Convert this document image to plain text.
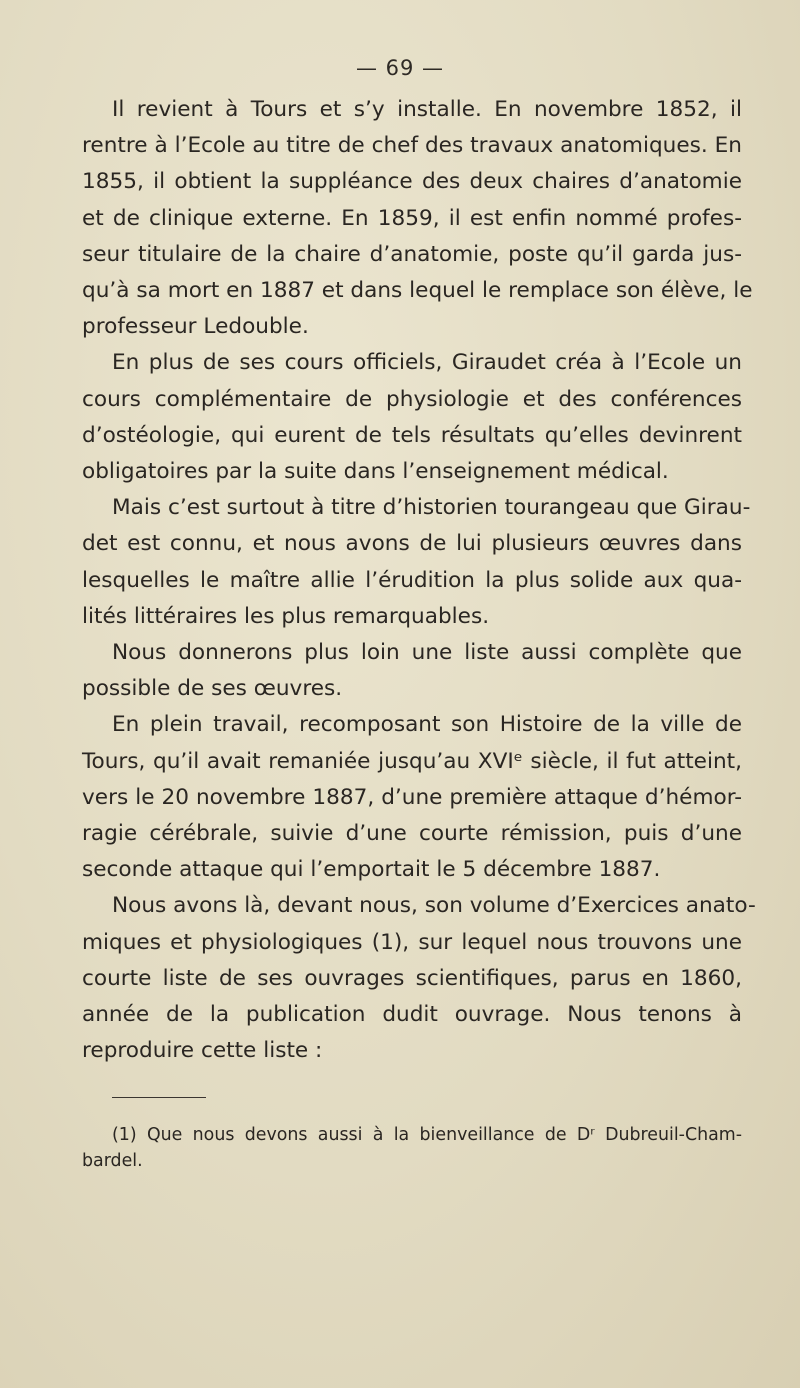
— 69 —
Il revient à Tours et s’y installe. En novembre 1852, il
rentre à l’Ecole au titre de chef des travaux anatomiques. En
1855, il obtient la suppléance des deux chaires d’anatomie
et de clinique externe. En 1859, il est enfin nommé profes-
seur titulaire de la chaire d’anatomie, poste qu’il garda jus-
qu’à sa mort en 1887 et dans lequel le remplace son élève, le
professeur Ledouble.
En plus de ses cours officiels, Giraudet créa à l’Ecole un
cours complémentaire de physiologie et des conférences
d’ostéologie, qui eurent de tels résultats qu’elles devinrent
obligatoires par la suite dans l’enseignement médical.
Mais c’est surtout à titre d’historien tourangeau que Girau-
det est connu, et nous avons de lui plusieurs œuvres dans
lesquelles le maître allie l’érudition la plus solide aux qua-
lités littéraires les plus remarquables.
Nous donnerons plus loin une liste aussi complète que
possible de ses œuvres.
En plein travail, recomposant son Histoire de la ville de
Tours, qu’il avait remaniée jusqu’au XVIᵉ siècle, il fut atteint,
vers le 20 novembre 1887, d’une première attaque d’hémor-
ragie cérébrale, suivie d’une courte rémission, puis d’une
seconde attaque qui l’emportait le 5 décembre 1887.
Nous avons là, devant nous, son volume d’Exercices anato-
miques et physiologiques (1), sur lequel nous trouvons une
courte liste de ses ouvrages scientifiques, parus en 1860,
année de la publication dudit ouvrage. Nous tenons à
reproduire cette liste :
(1) Que nous devons aussi à la bienveillance de Dʳ Dubreuil-Cham-
bardel.
